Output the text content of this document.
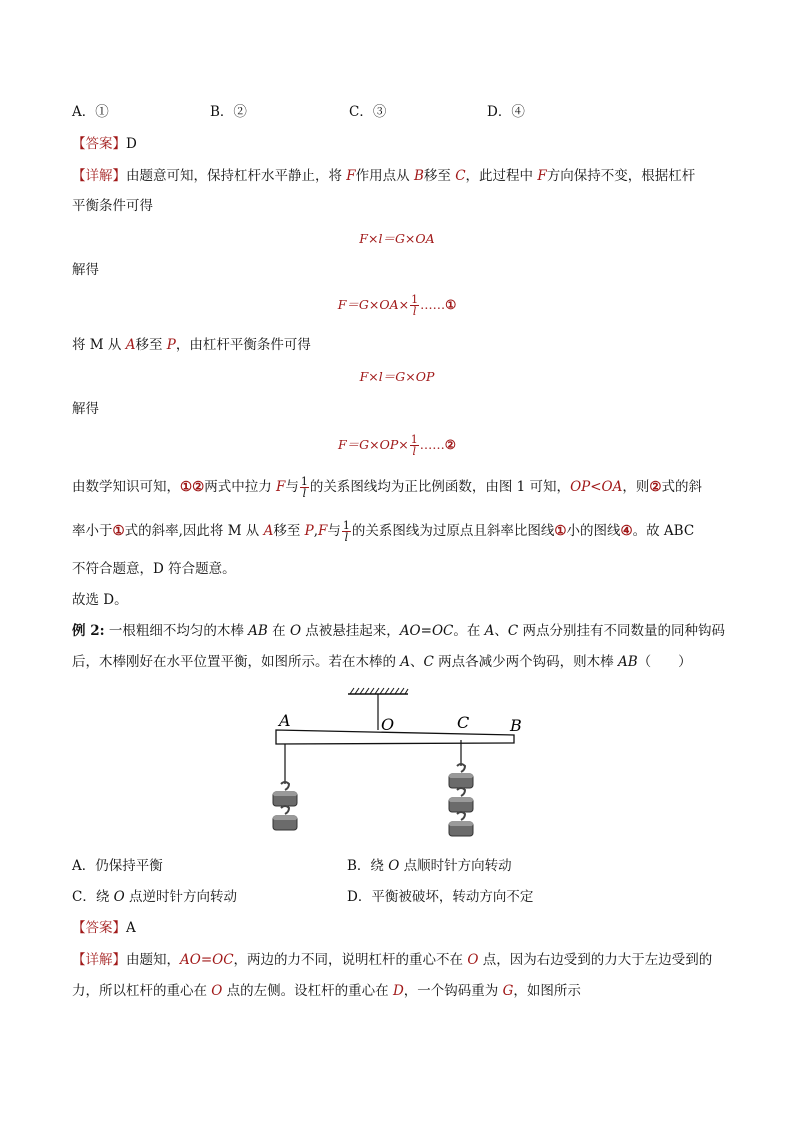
A．①	B．②	C．③	D．④
【答案】D
【详解】由题意可知，保持杠杆水平静止，将 F作用点从 B移至 C，此过程中 F方向保持不变，根据杠杆
平衡条件可得
F×l＝G×OA
解得
$F=G\times OA\times \frac{1}{l}$ ……①
将 M 从 A移至 P，由杠杆平衡条件可得
F×l＝G×OP
解得
$F=G\times OP\times \frac{1}{l}$ ……②
由数学知识可知，①②两式中拉力 F与 $\frac{1}{l}$ 的关系图线均为正比例函数，由图 1 可知，OP<OA，则②式的斜
率小于①式的斜率,因此将 M 从 A移至 P,F与 $\frac{1}{l}$ 的关系图线为过原点且斜率比图线①小的图线④。故 ABC
不符合题意，D 符合题意。
故选 D。
例 2: 一根粗细不均匀的木棒 AB 在 O 点被悬挂起来，AO=OC。在 A、C 两点分别挂有不同数量的同种钩码
后，木棒刚好在水平位置平衡，如图所示。若在木棒的 A、C 两点各减少两个钩码，则木棒 AB（　　）
A	O	C	B
A．仍保持平衡	B．绕 O 点顺时针方向转动
C．绕 O 点逆时针方向转动	D．平衡被破坏，转动方向不定
【答案】A
【详解】由题知，AO=OC，两边的力不同，说明杠杆的重心不在 O 点，因为右边受到的力大于左边受到的
力，所以杠杆的重心在 O 点的左侧。设杠杆的重心在 D，一个钩码重为 G，如图所示
